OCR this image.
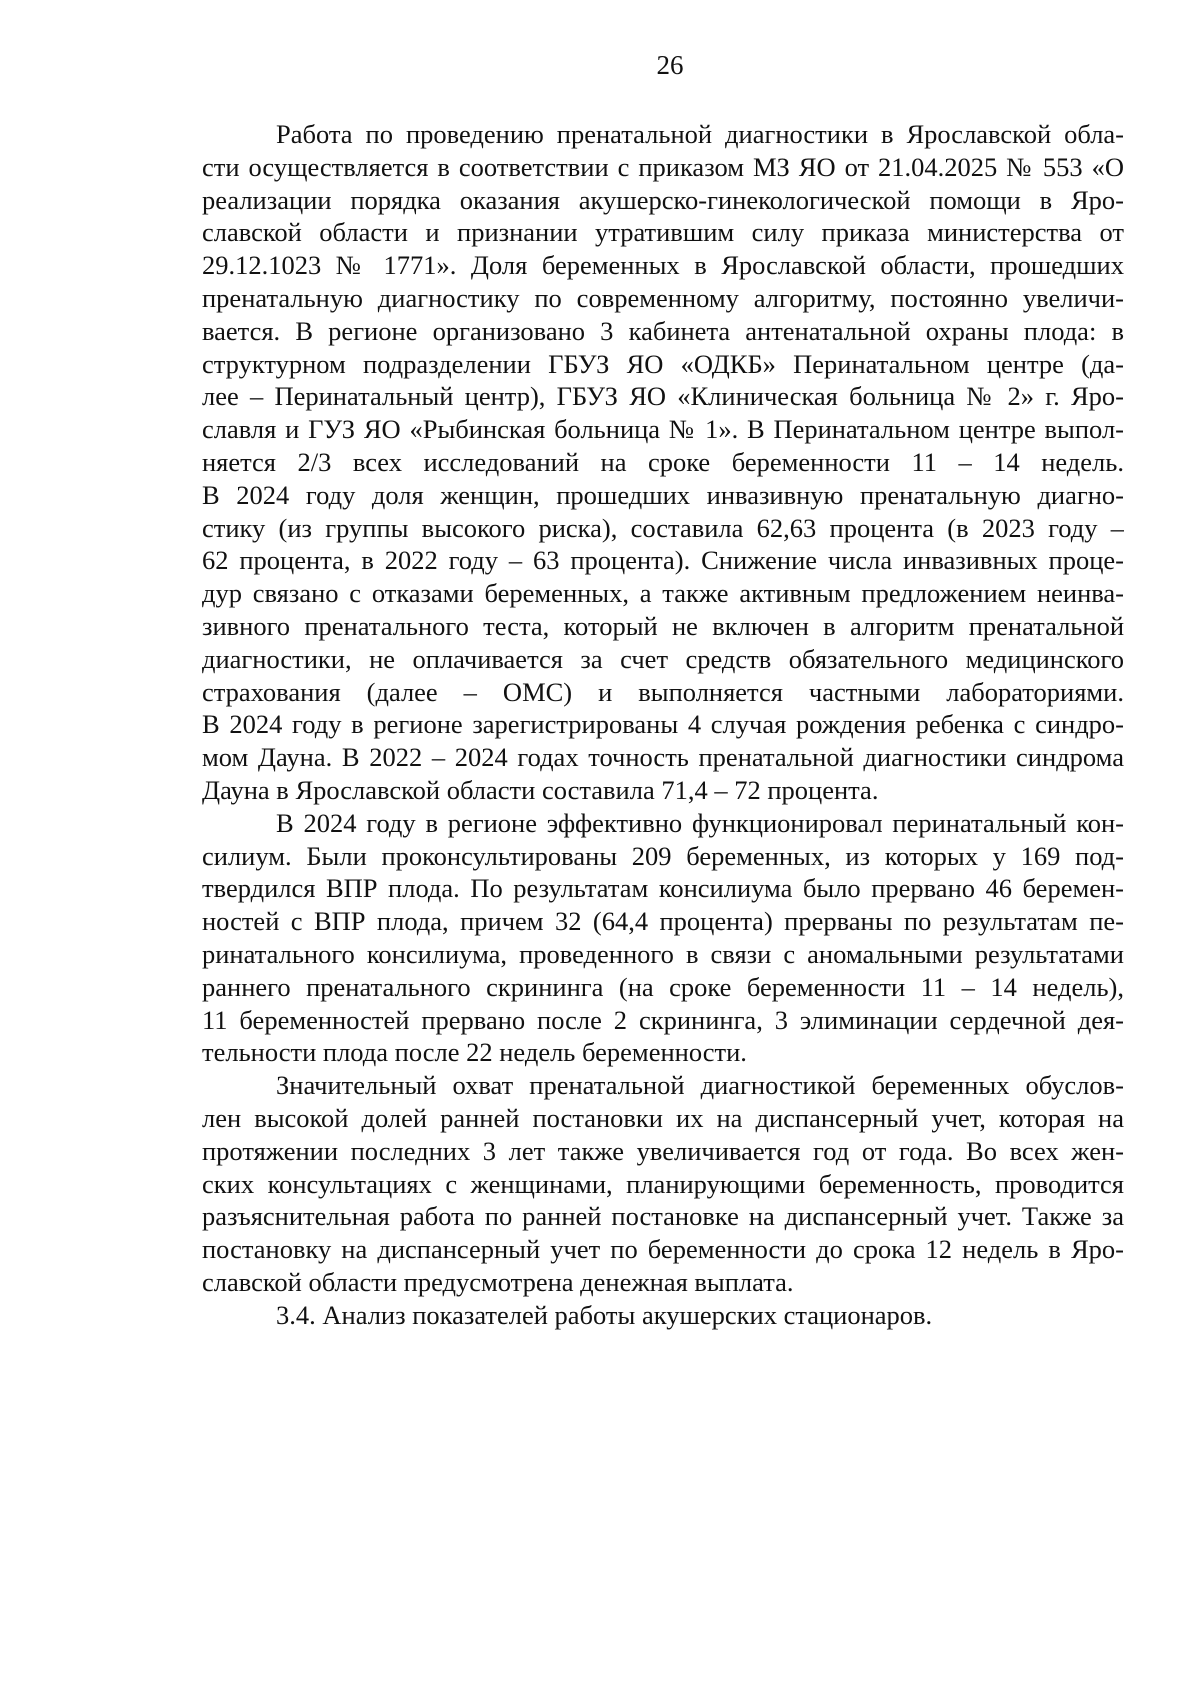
26
Работа по проведению пренатальной диагностики в Ярославской обла-
сти осуществляется в соответствии с приказом МЗ ЯО от 21.04.2025 № 553 «О
реализации порядка оказания акушерско-гинекологической помощи в Яро-
славской области и признании утратившим силу приказа министерства от
29.12.1023 № 1771». Доля беременных в Ярославской области, прошедших
пренатальную диагностику по современному алгоритму, постоянно увеличи-
вается. В регионе организовано 3 кабинета антенатальной охраны плода: в
структурном подразделении ГБУЗ ЯО «ОДКБ» Перинатальном центре (да-
лее – Перинатальный центр), ГБУЗ ЯО «Клиническая больница № 2» г. Яро-
славля и ГУЗ ЯО «Рыбинская больница № 1». В Перинатальном центре выпол-
няется 2/3 всех исследований на сроке беременности 11 – 14 недель.
В 2024 году доля женщин, прошедших инвазивную пренатальную диагно-
стику (из группы высокого риска), составила 62,63 процента (в 2023 году –
62 процента, в 2022 году – 63 процента). Снижение числа инвазивных проце-
дур связано с отказами беременных, а также активным предложением неинва-
зивного пренатального теста, который не включен в алгоритм пренатальной
диагностики, не оплачивается за счет средств обязательного медицинского
страхования (далее – ОМС) и выполняется частными лабораториями.
В 2024 году в регионе зарегистрированы 4 случая рождения ребенка с синдро-
мом Дауна. В 2022 – 2024 годах точность пренатальной диагностики синдрома
Дауна в Ярославской области составила 71,4 – 72 процента.
В 2024 году в регионе эффективно функционировал перинатальный кон-
силиум. Были проконсультированы 209 беременных, из которых у 169 под-
твердился ВПР плода. По результатам консилиума было прервано 46 беремен-
ностей с ВПР плода, причем 32 (64,4 процента) прерваны по результатам пе-
ринатального консилиума, проведенного в связи с аномальными результатами
раннего пренатального скрининга (на сроке беременности 11 – 14 недель),
11 беременностей прервано после 2 скрининга, 3 элиминации сердечной дея-
тельности плода после 22 недель беременности.
Значительный охват пренатальной диагностикой беременных обуслов-
лен высокой долей ранней постановки их на диспансерный учет, которая на
протяжении последних 3 лет также увеличивается год от года. Во всех жен-
ских консультациях с женщинами, планирующими беременность, проводится
разъяснительная работа по ранней постановке на диспансерный учет. Также за
постановку на диспансерный учет по беременности до срока 12 недель в Яро-
славской области предусмотрена денежная выплата.
3.4. Анализ показателей работы акушерских стационаров.
